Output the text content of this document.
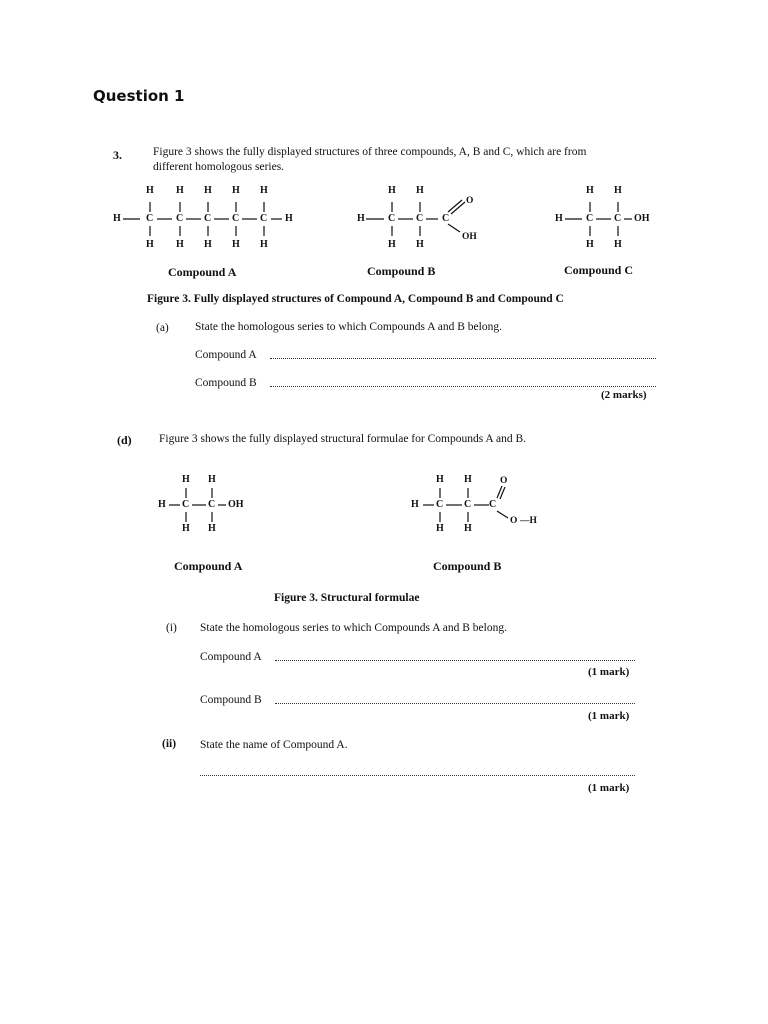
Question 1
3.	Figure 3 shows the fully displayed structures of three compounds, A, B and C, which are from
different homologous series.
H H H H H
H	C C C C C H
H H H H H
H H
H C C C
O
OH
H H
H H
H C C OH
H H
Compound A	Compound B	Compound C
Figure 3. Fully displayed structures of Compound A, Compound B and Compound C
(a) State the homologous series to which Compounds A and B belong.
Compound A
Compound B
(2 marks)
(d) Figure 3 shows the fully displayed structural formulae for Compounds A and B.
H H
H C C OH
H H
H H	O
H C C C
O —H
H H
Compound A	Compound B
Figure 3. Structural formulae
(i) State the homologous series to which Compounds A and B belong.
Compound A
(1 mark)
Compound B
(1 mark)
(ii) State the name of Compound A.
(1 mark)
